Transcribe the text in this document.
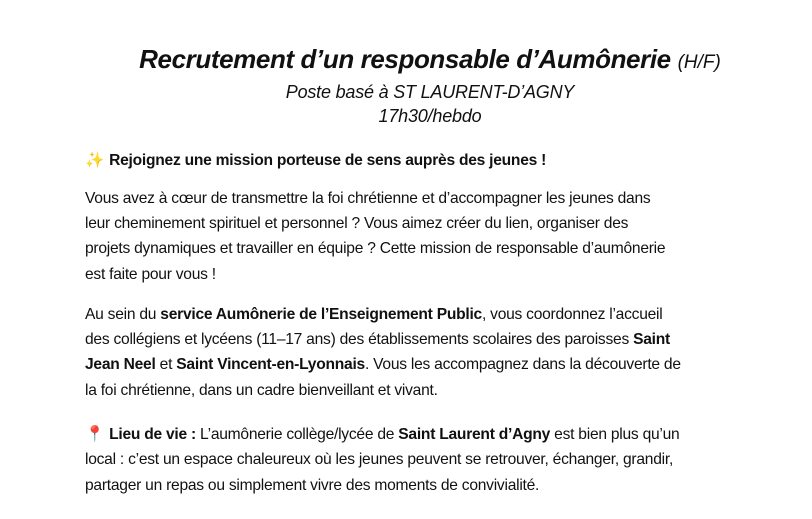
Recrutement d’un responsable d’Aumônerie (H/F)
Poste basé à ST LAURENT-D’AGNY
17h30/hebdo
✨ Rejoignez une mission porteuse de sens auprès des jeunes !
Vous avez à cœur de transmettre la foi chrétienne et d’accompagner les jeunes dans
leur cheminement spirituel et personnel ? Vous aimez créer du lien, organiser des
projets dynamiques et travailler en équipe ? Cette mission de responsable d’aumônerie
est faite pour vous !
Au sein du service Aumônerie de l’Enseignement Public, vous coordonnez l’accueil
des collégiens et lycéens (11–17 ans) des établissements scolaires des paroisses Saint
Jean Neel et Saint Vincent-en-Lyonnais. Vous les accompagnez dans la découverte de
la foi chrétienne, dans un cadre bienveillant et vivant.
📍 Lieu de vie : L’aumônerie collège/lycée de Saint Laurent d’Agny est bien plus qu’un
local : c’est un espace chaleureux où les jeunes peuvent se retrouver, échanger, grandir,
partager un repas ou simplement vivre des moments de convivialité.
